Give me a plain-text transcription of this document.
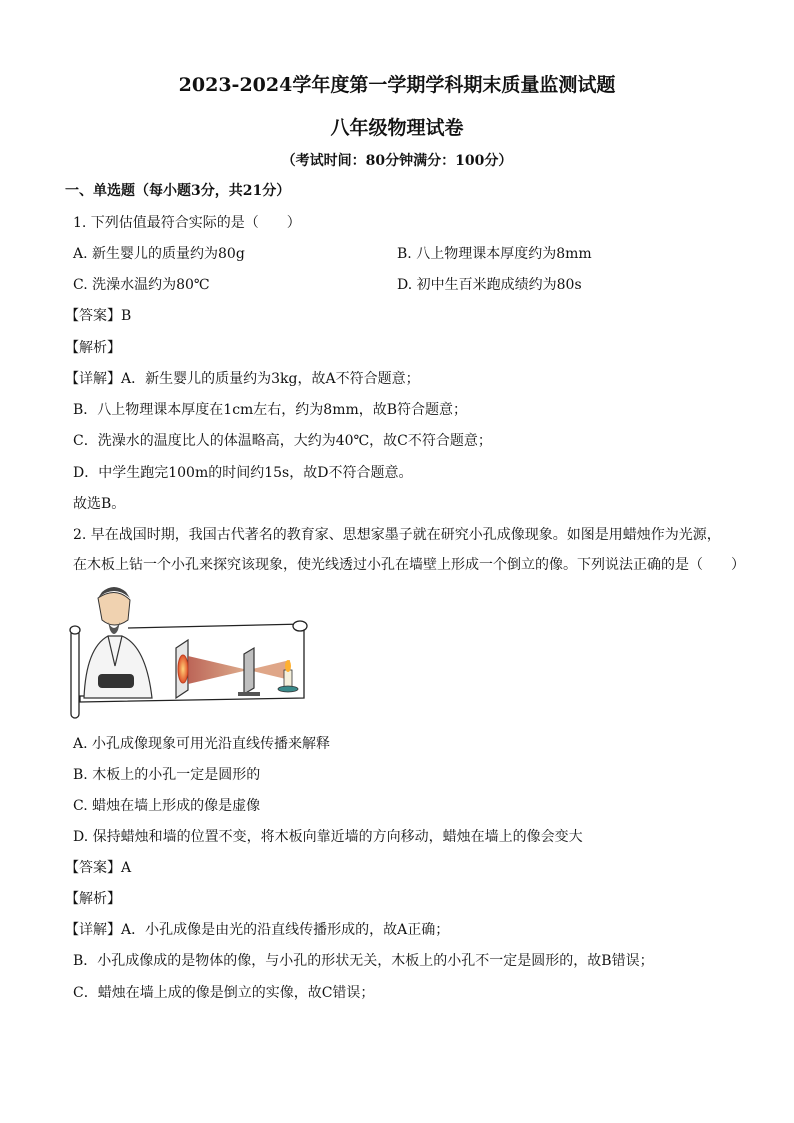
2023-2024学年度第一学期学科期末质量监测试题
八年级物理试卷
（考试时间：80分钟满分：100分）
一、单选题（每小题3分，共21分）
1. 下列估值最符合实际的是（　　）
A. 新生婴儿的质量约为80g	B. 八上物理课本厚度约为8mm
C. 洗澡水温约为80℃	D. 初中生百米跑成绩约为80s
【答案】B
【解析】
【详解】A．新生婴儿的质量约为3kg，故A不符合题意；
B．八上物理课本厚度在1cm左右，约为8mm，故B符合题意；
C．洗澡水的温度比人的体温略高，大约为40℃，故C不符合题意；
D．中学生跑完100m的时间约15s，故D不符合题意。
故选B。
2. 早在战国时期，我国古代著名的教育家、思想家墨子就在研究小孔成像现象。如图是用蜡烛作为光源，
在木板上钻一个小孔来探究该现象，使光线透过小孔在墙壁上形成一个倒立的像。下列说法正确的是（　　）
A. 小孔成像现象可用光沿直线传播来解释
B. 木板上的小孔一定是圆形的
C. 蜡烛在墙上形成的像是虚像
D. 保持蜡烛和墙的位置不变，将木板向靠近墙的方向移动，蜡烛在墙上的像会变大
【答案】A
【解析】
【详解】A．小孔成像是由光的沿直线传播形成的，故A正确；
B．小孔成像成的是物体的像，与小孔的形状无关，木板上的小孔不一定是圆形的，故B错误；
C．蜡烛在墙上成的像是倒立的实像，故C错误；
